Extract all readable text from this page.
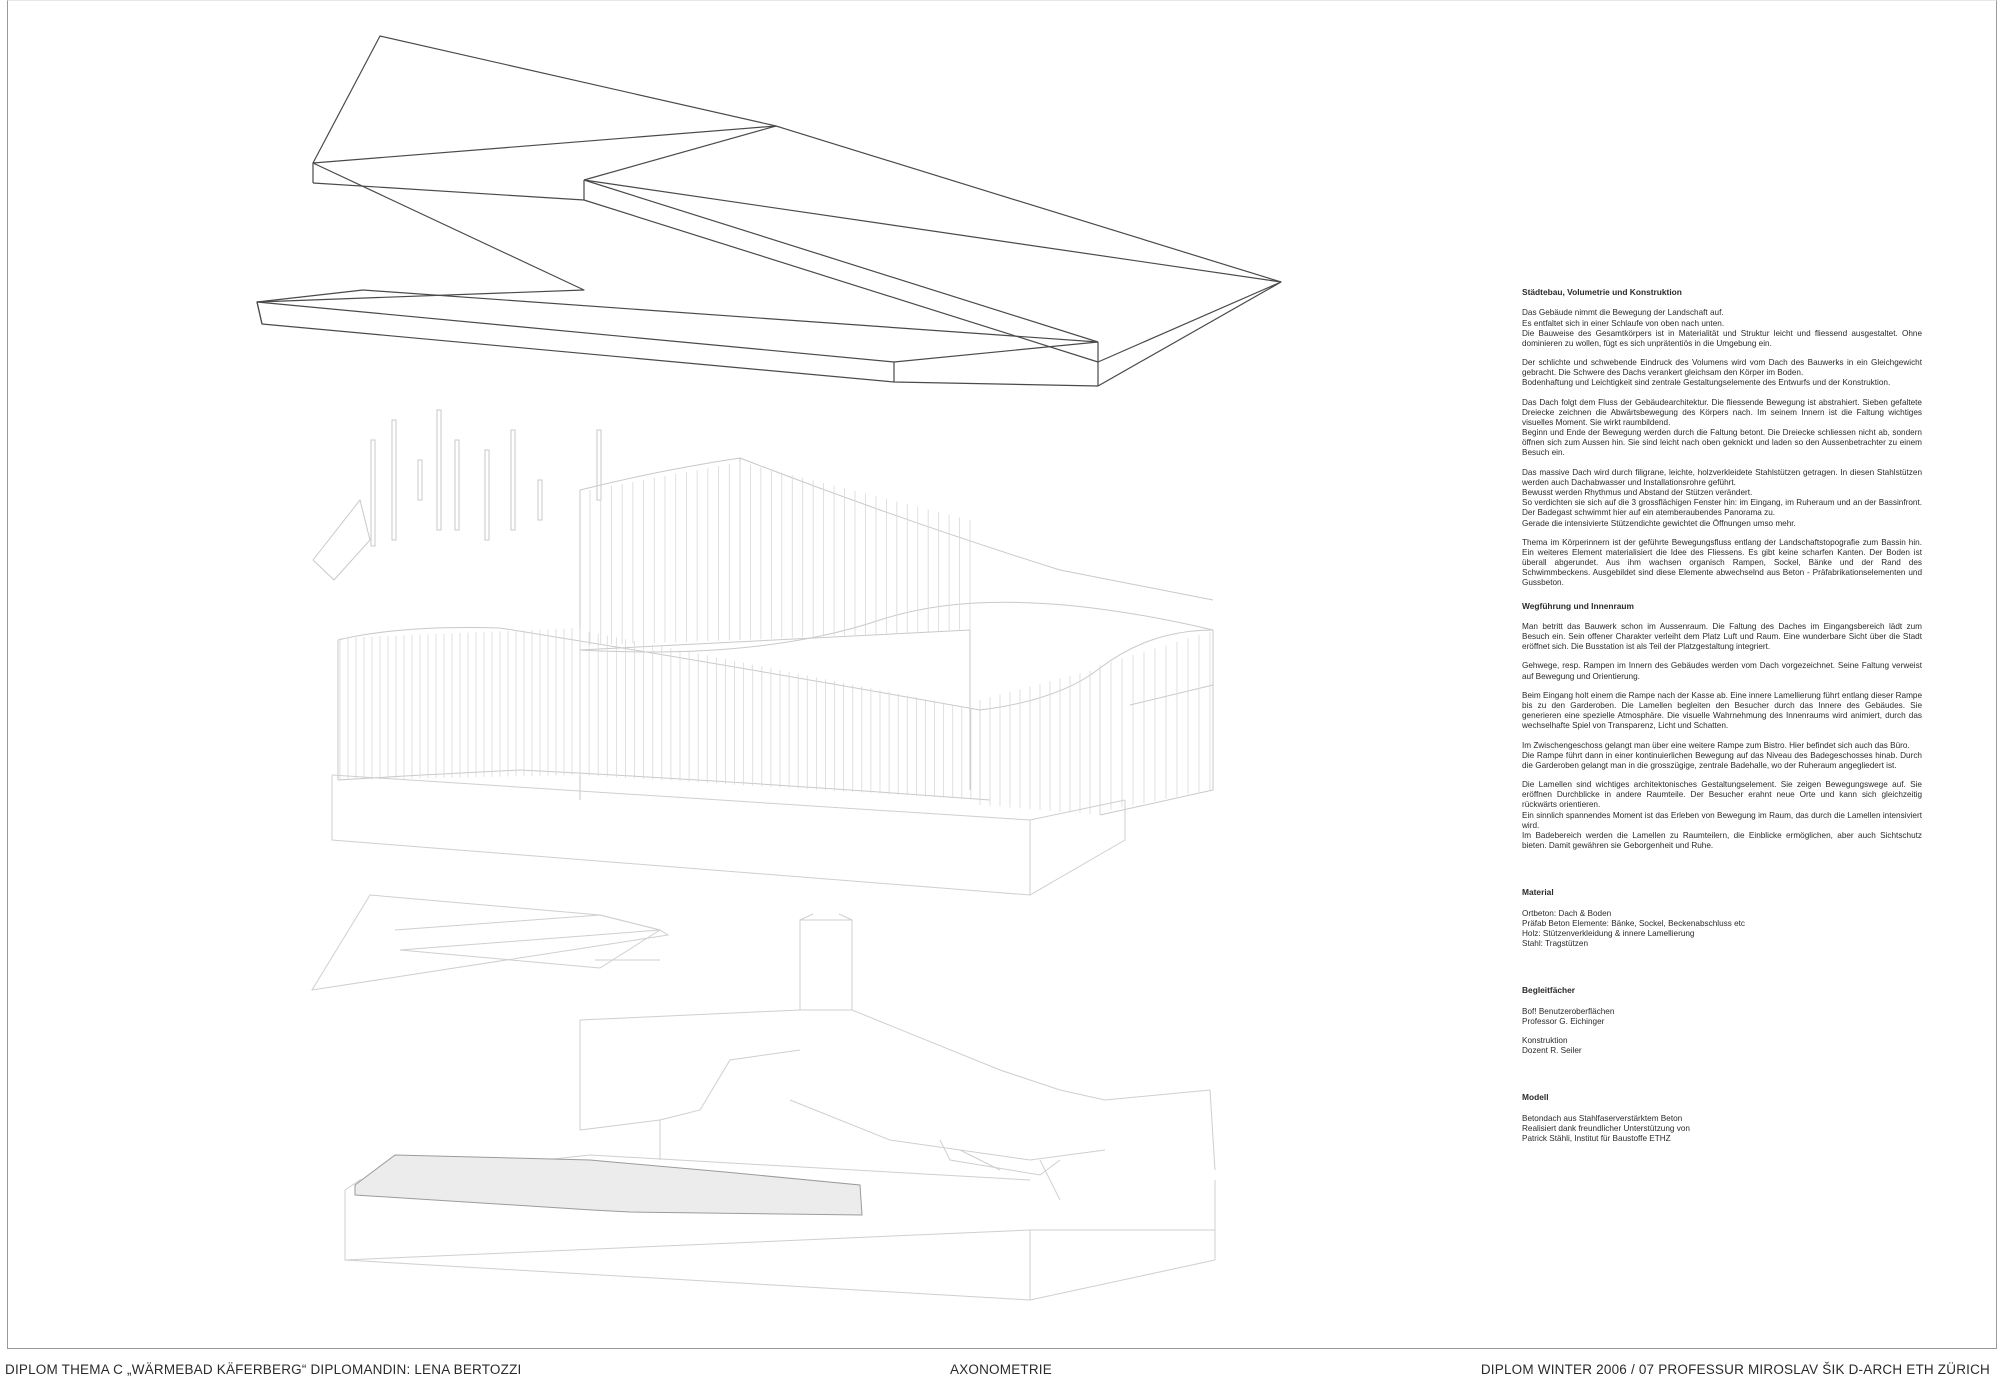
Städtebau, Volumetrie und Konstruktion

Das Gebäude nimmt die Bewegung der Landschaft auf.
Es entfaltet sich in einer Schlaufe von oben nach unten.
Die Bauweise des Gesamtkörpers ist in Materialität und Struktur leicht und fliessend ausgestaltet. Ohne dominieren zu wollen, fügt es sich unprätentiös in die Umgebung ein.

Der schlichte und schwebende Eindruck des Volumens wird vom Dach des Bauwerks in ein Gleichgewicht gebracht. Die Schwere des Dachs verankert gleichsam den Körper im Boden.
Bodenhaftung und Leichtigkeit sind zentrale Gestaltungselemente des Entwurfs und der Konstruktion.

Das Dach folgt dem Fluss der Gebäudearchitektur. Die fliessende Bewegung ist abstrahiert. Sieben gefaltete Dreiecke zeichnen die Abwärtsbewegung des Körpers nach. Im seinem Innern ist die Faltung wichtiges visuelles Moment. Sie wirkt raumbildend.
Beginn und Ende der Bewegung werden durch die Faltung betont. Die Dreiecke schliessen nicht ab, sondern öffnen sich zum Aussen hin. Sie sind leicht nach oben geknickt und laden so den Aussenbetrachter zu einem Besuch ein.

Das massive Dach wird durch filigrane, leichte, holzverkleidete Stahlstützen getragen. In diesen Stahlstützen werden auch Dachabwasser und Installationsrohre geführt.
Bewusst werden Rhythmus und Abstand der Stützen verändert.
So verdichten sie sich auf die 3 grossflächigen Fenster hin: im Eingang, im Ruheraum und an der Bassinfront. Der Badegast schwimmt hier auf ein atemberaubendes Panorama zu.
Gerade die intensivierte Stützendichte gewichtet die Öffnungen umso mehr.

Thema im Körperinnern ist der geführte Bewegungsfluss entlang der Landschaftstopografie zum Bassin hin. Ein weiteres Element materialisiert die Idee des Fliessens. Es gibt keine scharfen Kanten. Der Boden ist überall abgerundet. Aus ihm wachsen organisch Rampen, Sockel, Bänke und der Rand des Schwimmbeckens. Ausgebildet sind diese Elemente abwechselnd aus Beton - Präfabrikationselementen und Gussbeton.

Wegführung und Innenraum

Man betritt das Bauwerk schon im Aussenraum. Die Faltung des Daches im Eingangsbereich lädt zum Besuch ein. Sein offener Charakter verleiht dem Platz Luft und Raum. Eine wunderbare Sicht über die Stadt eröffnet sich. Die Busstation ist als Teil der Platzgestaltung integriert.

Gehwege, resp. Rampen im Innern des Gebäudes werden vom Dach vorgezeichnet. Seine Faltung verweist auf Bewegung und Orientierung.

Beim Eingang holt einem die Rampe nach der Kasse ab. Eine innere Lamellierung führt entlang dieser Rampe bis zu den Garderoben. Die Lamellen begleiten den Besucher durch das Innere des Gebäudes. Sie generieren eine spezielle Atmosphäre. Die visuelle Wahrnehmung des Innenraums wird animiert, durch das wechselhafte Spiel von Transparenz, Licht und Schatten.

Im Zwischengeschoss gelangt man über eine weitere Rampe zum Bistro. Hier befindet sich auch das Büro.
Die Rampe führt dann in einer kontinuierlichen Bewegung auf das Niveau des Badegeschosses hinab. Durch die Garderoben gelangt man in die grosszügige, zentrale Badehalle, wo der Ruheraum angegliedert ist.

Die Lamellen sind wichtiges architektonisches Gestaltungselement. Sie zeigen Bewegungswege auf. Sie eröffnen Durchblicke in andere Raumteile. Der Besucher erahnt neue Orte und kann sich gleichzeitig rückwärts orientieren.
Ein sinnlich spannendes Moment ist das Erleben von Bewegung im Raum, das durch die Lamellen intensiviert wird.
Im Badebereich werden die Lamellen zu Raumteilern, die Einblicke ermöglichen, aber auch Sichtschutz bieten. Damit gewähren sie Geborgenheit und Ruhe.

Material

Ortbeton: Dach & Boden
Präfab Beton Elemente: Bänke, Sockel, Beckenabschluss etc
Holz: Stützenverkleidung & innere Lamellierung
Stahl: Tragstützen

Begleitfächer

Bof! Benutzeroberflächen
Professor G. Eichinger

Konstruktion
Dozent R. Seiler

Modell

Betondach aus Stahlfaserverstärktem Beton
Realisiert dank freundlicher Unterstützung von
Patrick Stähli, Institut für Baustoffe ETHZ

DIPLOM THEMA C „WÄRMEBAD KÄFERBERG“ DIPLOMANDIN: LENA BERTOZZI	AXONOMETRIE	DIPLOM WINTER 2006 / 07 PROFESSUR MIROSLAV ŠIK D-ARCH ETH ZÜRICH
